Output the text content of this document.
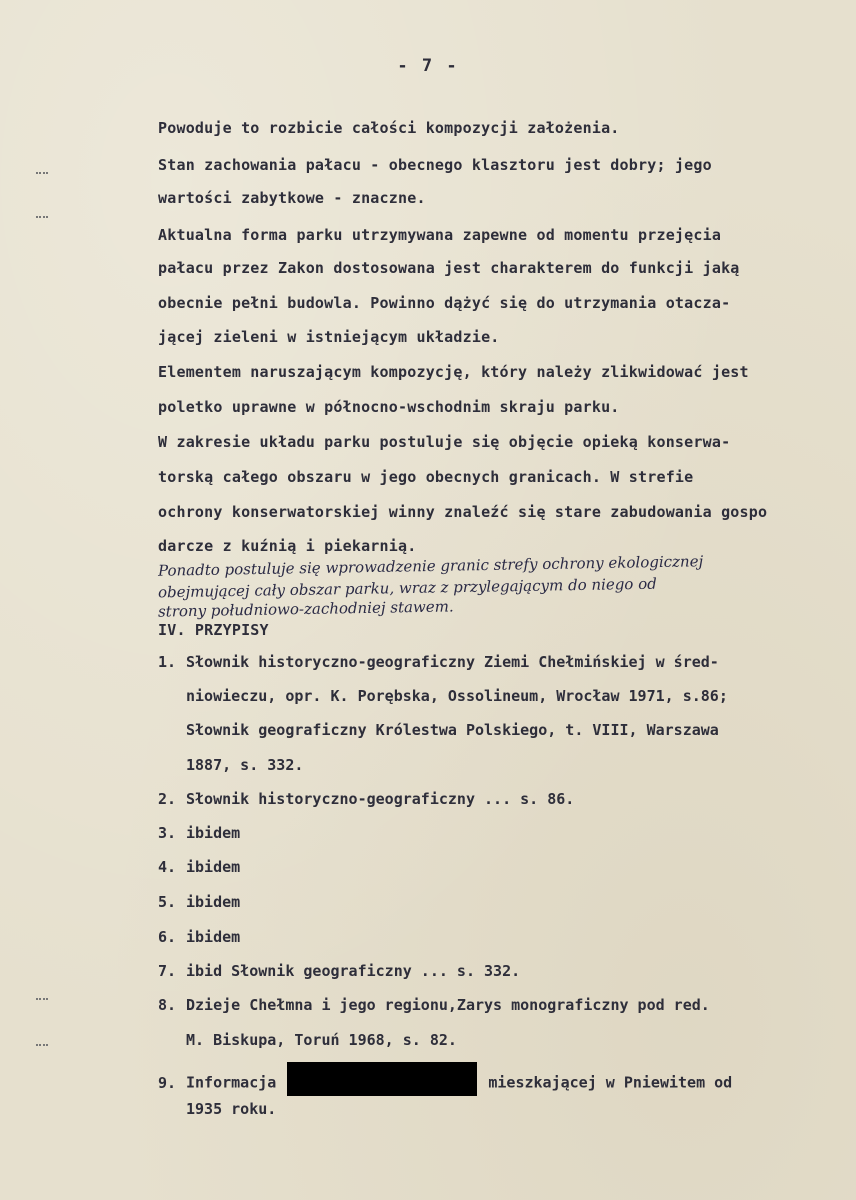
- 7 -
Powoduje to rozbicie całości kompozycji założenia.
Stan zachowania pałacu - obecnego klasztoru jest dobry; jego
wartości zabytkowe - znaczne.
Aktualna forma parku utrzymywana zapewne od momentu przejęcia
pałacu przez Zakon dostosowana jest charakterem do funkcji jaką
obecnie pełni budowla. Powinno dążyć się do utrzymania otacza-
jącej zieleni w istniejącym układzie.
Elementem naruszającym kompozycję, który należy zlikwidować jest
poletko uprawne w północno-wschodnim skraju parku.
W zakresie układu parku postuluje się objęcie opieką konserwa-
torską całego obszaru w jego obecnych granicach. W strefie
ochrony konserwatorskiej winny znaleźć się stare zabudowania gospo
darcze z kuźnią i piekarnią.
Ponadto postuluje się wprowadzenie granic strefy ochrony ekologicznej
obejmującej cały obszar parku, wraz z przylegającym do niego od
strony południowo-zachodniej stawem.
IV. PRZYPISY
1. Słownik historyczno-geograficzny Ziemi Chełmińskiej w śred-
niowieczu, opr. K. Porębska, Ossolineum, Wrocław 1971, s.86;
Słownik geograficzny Królestwa Polskiego, t. VIII, Warszawa
1887, s. 332.
2. Słownik historyczno-geograficzny ... s. 86.
3. ibidem
4. ibidem
5. ibidem
6. ibidem
7. ibid Słownik geograficzny ... s. 332.
8. Dzieje Chełmna i jego regionu,Zarys monograficzny pod red.
M. Biskupa, Toruń 1968, s. 82.
9. Informacja	mieszkającej w Pniewitem od
1935 roku.
